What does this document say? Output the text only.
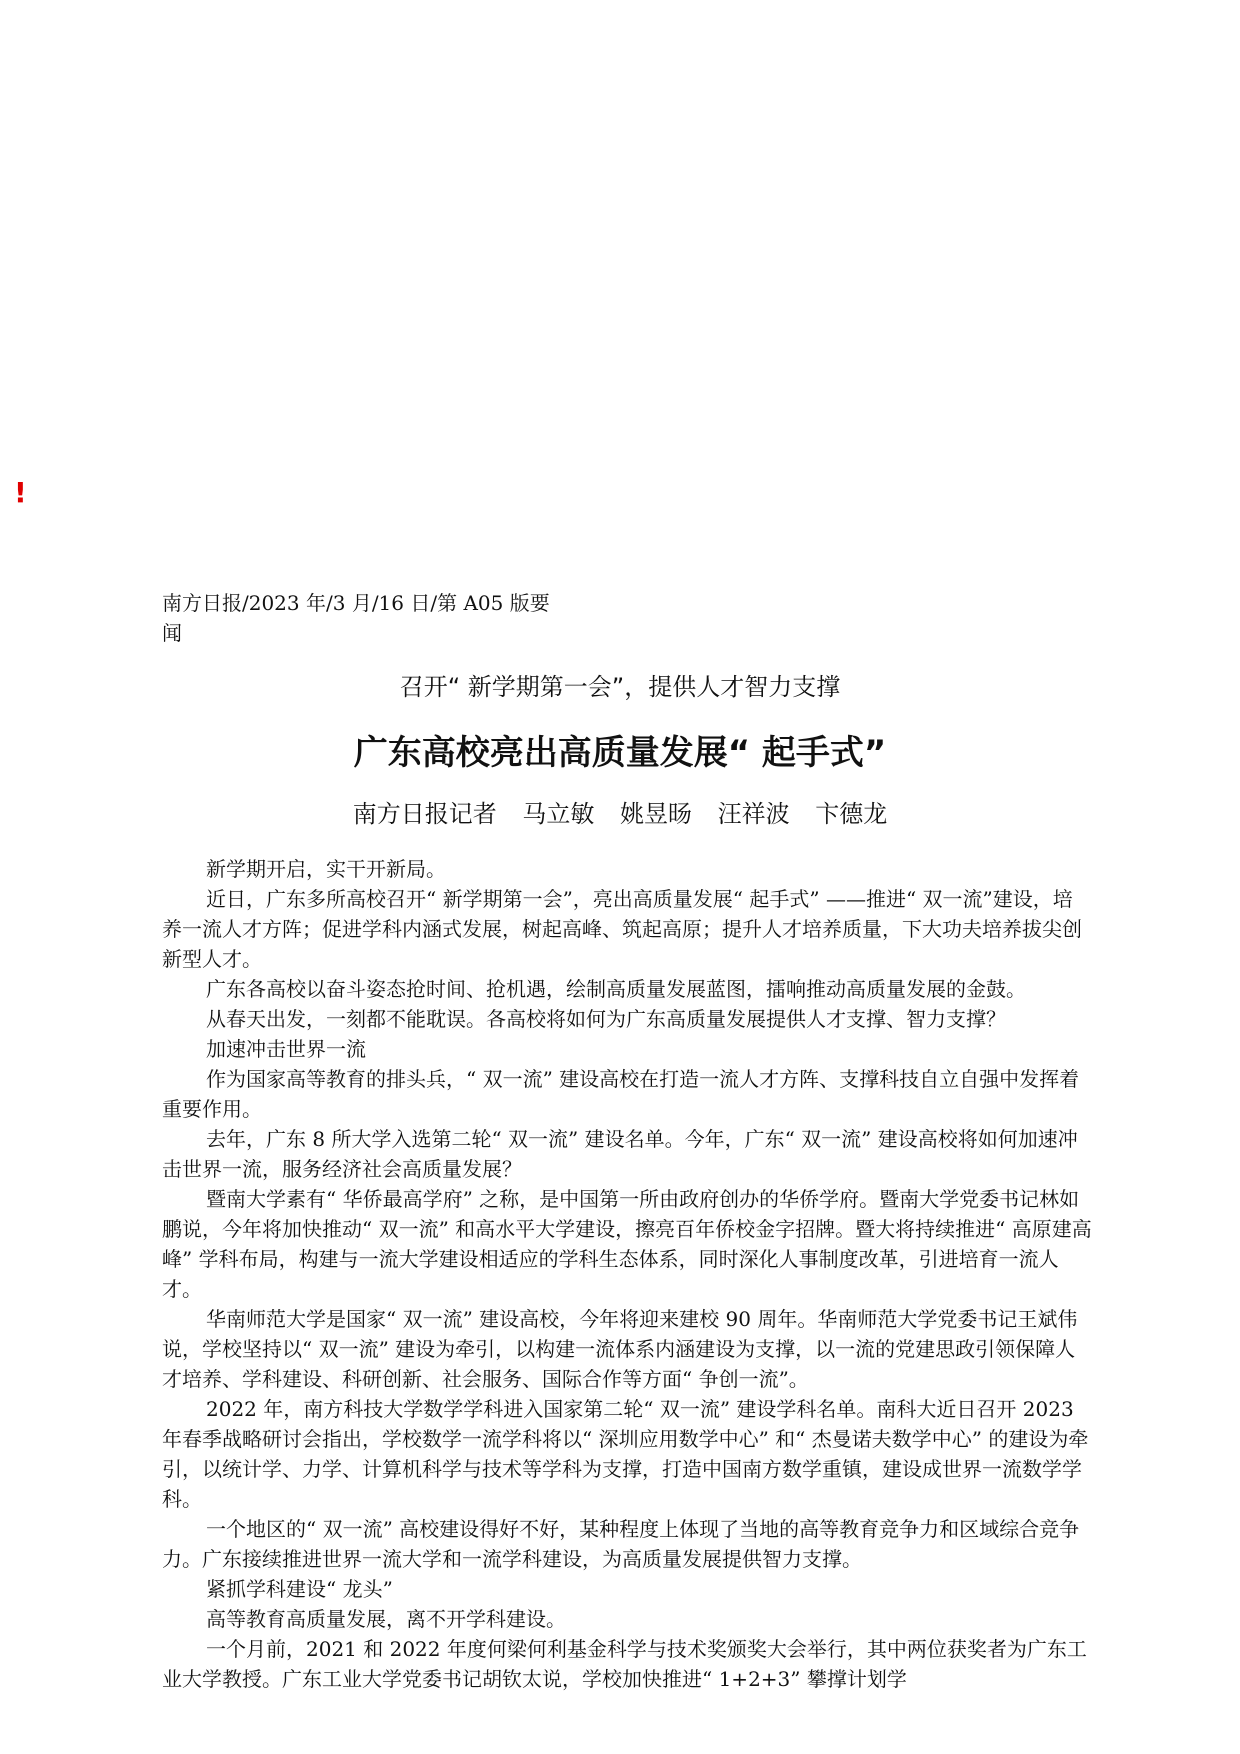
!
南方日报/2023 年/3 月/16 日/第 A05 版要闻
召开“ 新学期第一会”，提供人才智力支撑
广东高校亮出高质量发展“ 起手式”
南方日报记者 马立敏 姚昱旸 汪祥波 卞德龙

新学期开启，实干开新局。

近日，广东多所高校召开“ 新学期第一会”，亮出高质量发展“ 起手式” ——推进“ 双一流”建设，培养一流人才方阵；促进学科内涵式发展，树起高峰、筑起高原；提升人才培养质量，下大功夫培养拔尖创新型人才。

广东各高校以奋斗姿态抢时间、抢机遇，绘制高质量发展蓝图，擂响推动高质量发展的金鼓。

从春天出发，一刻都不能耽误。各高校将如何为广东高质量发展提供人才支撑、智力支撑？

加速冲击世界一流

作为国家高等教育的排头兵，“ 双一流” 建设高校在打造一流人才方阵、支撑科技自立自强中发挥着重要作用。

去年，广东 8 所大学入选第二轮“ 双一流” 建设名单。今年，广东“ 双一流” 建设高校将如何加速冲击世界一流，服务经济社会高质量发展？

暨南大学素有“ 华侨最高学府” 之称，是中国第一所由政府创办的华侨学府。暨南大学党委书记林如鹏说，今年将加快推动“ 双一流” 和高水平大学建设，擦亮百年侨校金字招牌。暨大将持续推进“ 高原建高峰” 学科布局，构建与一流大学建设相适应的学科生态体系，同时深化人事制度改革，引进培育一流人才。

华南师范大学是国家“ 双一流” 建设高校，今年将迎来建校 90 周年。华南师范大学党委书记王斌伟说，学校坚持以“ 双一流” 建设为牵引，以构建一流体系内涵建设为支撑，以一流的党建思政引领保障人才培养、学科建设、科研创新、社会服务、国际合作等方面“ 争创一流”。

2022 年，南方科技大学数学学科进入国家第二轮“ 双一流” 建设学科名单。南科大近日召开 2023 年春季战略研讨会指出，学校数学一流学科将以“ 深圳应用数学中心” 和“ 杰曼诺夫数学中心” 的建设为牵引，以统计学、力学、计算机科学与技术等学科为支撑，打造中国南方数学重镇，建设成世界一流数学学科。

一个地区的“ 双一流” 高校建设得好不好，某种程度上体现了当地的高等教育竞争力和区域综合竞争力。广东接续推进世界一流大学和一流学科建设，为高质量发展提供智力支撑。

紧抓学科建设“ 龙头”

高等教育高质量发展，离不开学科建设。

一个月前，2021 和 2022 年度何梁何利基金科学与技术奖颁奖大会举行，其中两位获奖者为广东工业大学教授。广东工业大学党委书记胡钦太说，学校加快推进“ 1+2+3” 攀撑计划学
